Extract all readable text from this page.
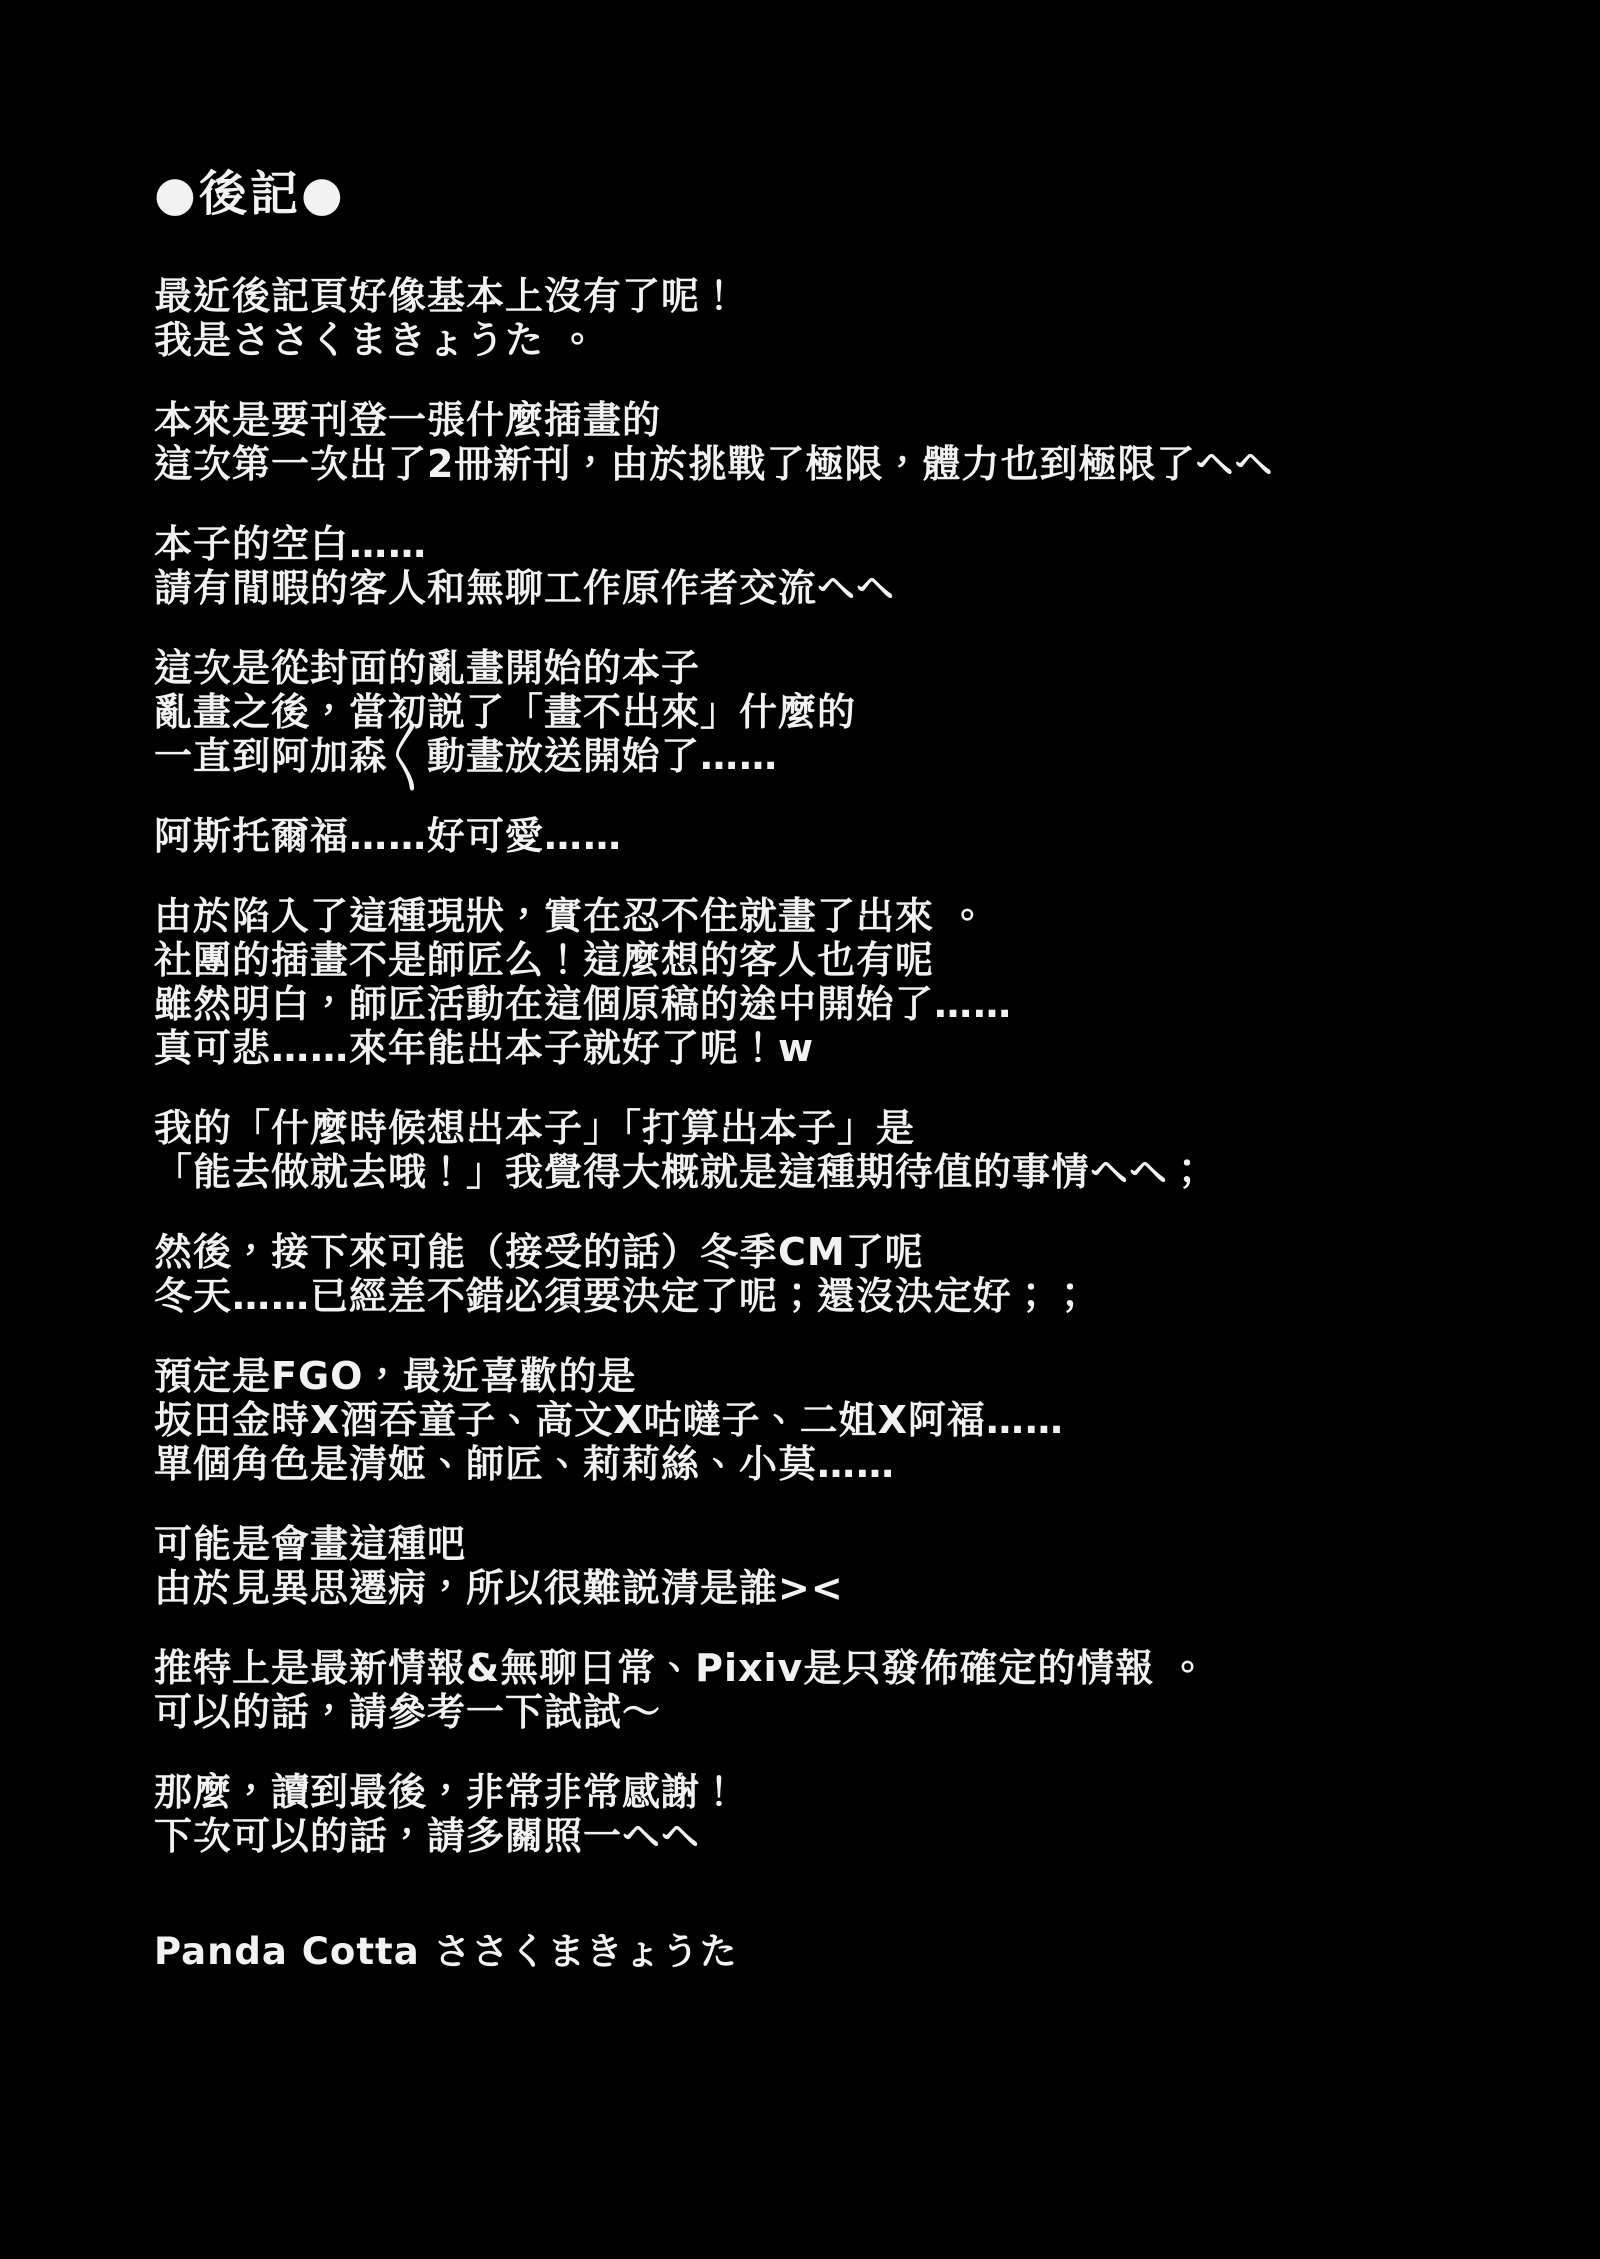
●後記●

最近後記頁好像基本上沒有了呢！
我是ささくまきょうた 。

本來是要刊登一張什麼插畫的
這次第一次出了2冊新刊，由於挑戰了極限，體力也到極限了ヘヘ

本子的空白……
請有閒暇的客人和無聊工作原作者交流ヘヘ

這次是從封面的亂畫開始的本子
亂畫之後，當初説了「畫不出來」什麼的
一直到阿加森〱動畫放送開始了……

阿斯托爾福……好可愛……

由於陷入了這種現狀，實在忍不住就畫了出來 。
社團的插畫不是師匠么！這麼想的客人也有呢
雖然明白，師匠活動在這個原稿的途中開始了……
真可悲……來年能出本子就好了呢！w

我的「什麼時候想出本子」「打算出本子」是
「能去做就去哦！」我覺得大概就是這種期待值的事情ヘヘ；

然後，接下來可能（接受的話）冬季CM了呢
冬天……已經差不錯必須要決定了呢；還沒決定好；；

預定是FGO，最近喜歡的是
坂田金時X酒吞童子、高文X咕噠子、二姐X阿福……
單個角色是清姬、師匠、莉莉絲、小莫……

可能是會畫這種吧
由於見異思遷病，所以很難説清是誰><

推特上是最新情報&無聊日常、Pixiv是只發佈確定的情報 。
可以的話，請參考一下試試〜

那麼，讀到最後，非常非常感謝！
下次可以的話，請多關照一ヘヘ

Panda Cotta ささくまきょうた
